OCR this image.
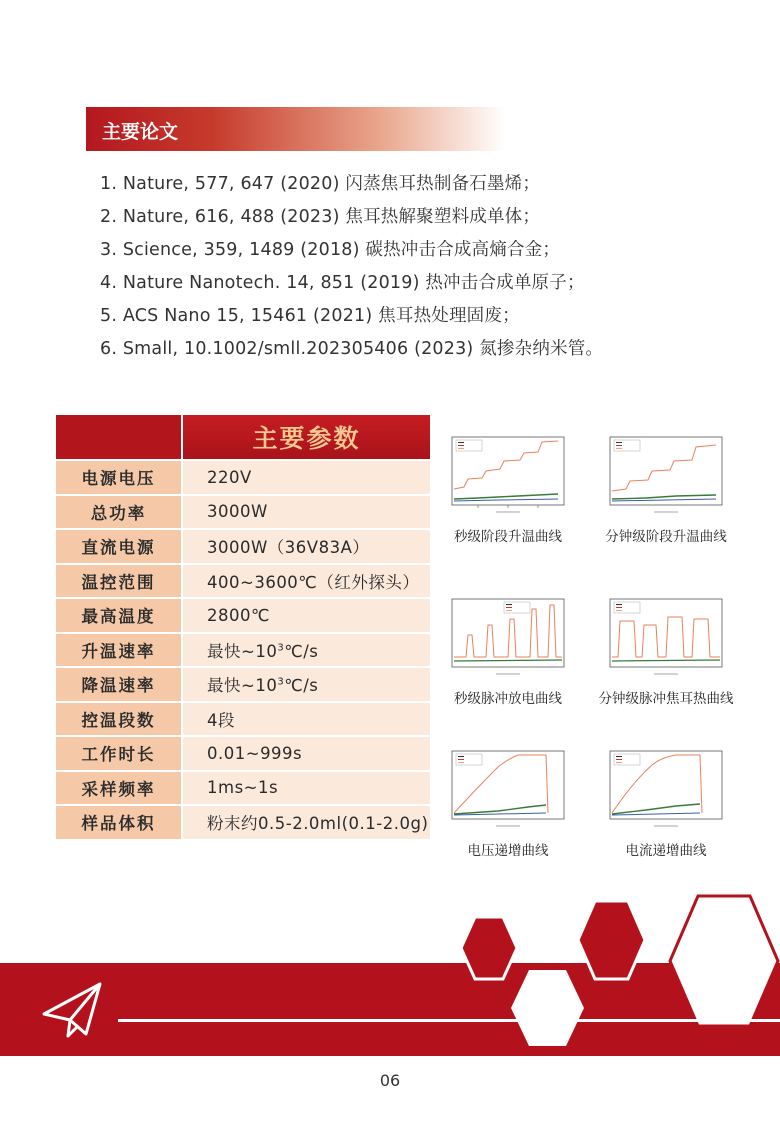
主要论文
1. Nature, 577, 647 (2020) 闪蒸焦耳热制备石墨烯；
2. Nature, 616, 488 (2023) 焦耳热解聚塑料成单体；
3. Science, 359, 1489 (2018) 碳热冲击合成高熵合金；
4. Nature Nanotech. 14, 851 (2019) 热冲击合成单原子；
5. ACS Nano 15, 15461 (2021) 焦耳热处理固废；
6. Small, 10.1002/smll.202305406 (2023) 氮掺杂纳米管。
	主要参数
电源电压	220V
总功率	3000W
直流电源	3000W（36V83A）
温控范围	400~3600℃（红外探头）
最高温度	2800℃
升温速率	最快$\sim 10^3℃/s$
降温速率	最快$\sim 10^3℃/s$
控温段数	4段
工作时长	0.01~999s
采样频率	1ms~1s
样品体积	粉末约0.5-2.0ml(0.1-2.0g)
秒级阶段升温曲线	分钟级阶段升温曲线
秒级脉冲放电曲线	分钟级脉冲焦耳热曲线
电压递增曲线	电流递增曲线
06
